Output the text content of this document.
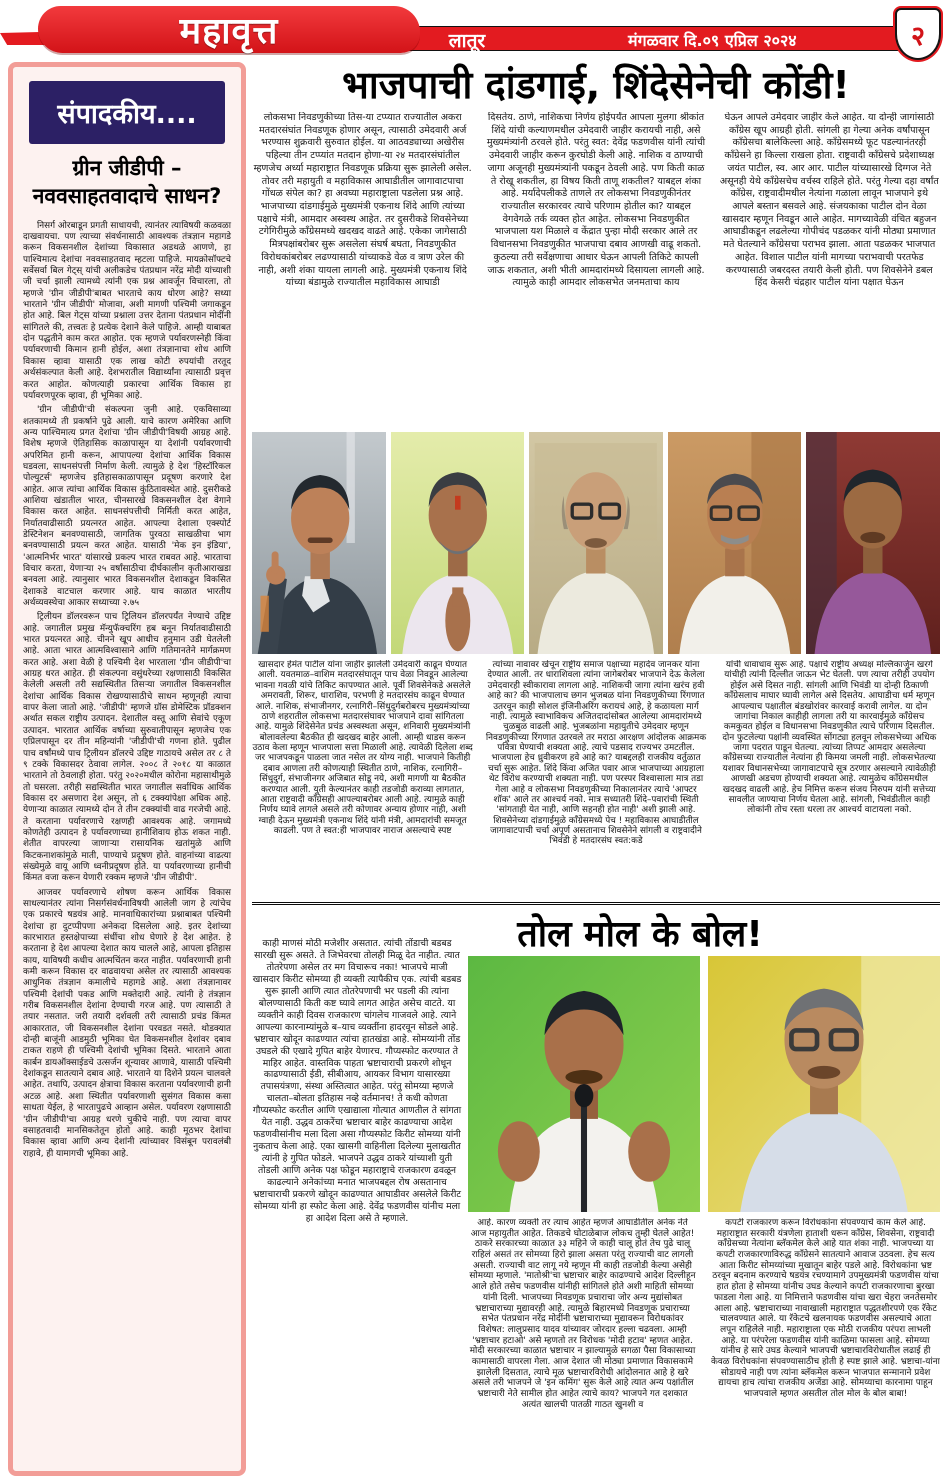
महावृत्त	लातूर	मंगळवार दि.०९ एप्रिल २०२४	२
संपादकीय....
ग्रीन जीडीपी –
नववसाहतवादाचे साधन?

निसर्ग ओरबाडून प्रगती साधायची, त्यानंतर त्याविषयी कळवळा दाखवायचा. पण त्याच्या संवर्धनासाठी आवश्यक तंत्रज्ञान महागडे करून विकसनशील देशांच्या विकासात अडथळे आणणे, हा पाश्चिमात्य देशांचा नववसाहतवाद म्हटला पाहिजे. मायक्रोसॉफ्टचे सर्वेसर्वा बिल गेट्स् यांची अलीकडेच पंतप्रधान नरेंद्र मोदी यांच्याशी जी चर्चा झाली त्यामध्ये त्यांनी एक प्रश्न आवर्जून विचारला, तो म्हणजे 'ग्रीन जीडीपी'बाबत भारताचे काय धोरण आहे? सध्या भारताने 'ग्रीन जीडीपी' मोजावा, अशी मागणी पश्चिमी जगाकडून होत आहे. बिल गेट्स यांच्या प्रश्नाला उत्तर देताना पंतप्रधान मोदींनी सांगितले की, तत्त्वतः हे प्रत्येक देशाने केले पाहिजे. आम्ही याबाबत दोन पद्धतीने काम करत आहोत. एक म्हणजे पर्यावरणस्नेही किंवा पर्यावरणाची किमान हानी होईल, अशा तंत्रज्ञानाचा शोध आणि विकास व्हावा यासाठी एक लाख कोटी रुपयांची तरतूद अर्थसंकल्पात केली आहे. देशभरातील विद्यार्थ्यांना त्यासाठी प्रवृत्त करत आहोत. कोणत्याही प्रकारचा आर्थिक विकास हा पर्यावरणपूरक व्हावा, ही भूमिका आहे.

'ग्रीन जीडीपी'ची संकल्पना जुनी आहे. एकविसाव्या शतकामध्ये ती प्रकर्षाने पुढे आली. याचे कारण अमेरिका आणि अन्य पाश्चिमात्य प्रगत देशांचा 'ग्रीन जीडीपी'विषयी आग्रह आहे. विशेष म्हणजे ऐतिहासिक काळापासून या देशांनी पर्यावरणाची अपरिमित हानी करून, आपापल्या देशांचा आर्थिक विकास घडवला, साधनसंपत्ती निर्माण केली. त्यामुळे हे देश 'हिस्टॉरिकल पोल्युटर्स' म्हणजेच इतिहासकाळापासून प्रदूषण करणारे देश आहेत. आज त्यांचा आर्थिक विकास कुंठितावस्थेत आहे. दुसरीकडे आशिया खंडातील भारत, चीनसारखे विकसनशील देश वेगाने विकास करत आहेत. साधनसंपत्तीची निर्मिती करत आहेत, निर्यातवाढीसाठी प्रयत्नरत आहेत. आपल्या देशाला एक्स्पोर्ट डेस्टिनेशन बनवण्यासाठी, जागतिक पुरवठा साखळीचा भाग बनवण्यासाठी प्रयत्न करत आहेत. यासाठी 'मेक इन इंडिया', 'आत्मनिर्भर भारत' यांसारखे प्रकल्प भारत राबवत आहे. भारताचा विचार करता, येणाऱ्या २५ वर्षांसाठीचा दीर्घकालीन कृतीआराखडा बनवला आहे. त्यानुसार भारत विकसनशील देशाकडून विकसित देशाकडे वाटचाल करणार आहे. याच काळात भारतीय अर्थव्यवस्थेचा आकार सध्याच्या २.७५

ट्रिलीयन डॉलरवरून पाच ट्रिलियन डॉलरपर्यंत नेण्याचे उद्दिष्ट आहे. जगातील प्रमुख मॅन्युफॅक्चरिंग हब बनून निर्यातवाढीसाठी भारत प्रयत्नरत आहे. चीनने खूप आधीच हनुमान उडी घेतलेली आहे. आता भारत आत्मविश्वासाने आणि गतिमानतेने मार्गक्रमण करत आहे. अशा वेळी हे पश्चिमी देश भारताला 'ग्रीन जीडीपी'चा आग्रह धरत आहेत. ही संकल्पना वसुंधरेच्या रक्षणासाठी विकसित केलेली असली तरी सद्यस्थितीत तिसऱ्या जगातील विकसनशील देशांचा आर्थिक विकास रोखण्यासाठीचे साधन म्हणूनही त्याचा वापर केला जातो आहे. 'जीडीपी' म्हणजे ग्रॉस डोमेस्टिक प्रॉडक्शन अर्थात सकल राष्ट्रीय उत्पादन. देशातील वस्तू आणि सेवांचे एकूण उत्पादन. भारतात आर्थिक वर्षाच्या सुरुवातीपासून म्हणजेच एक एप्रिलपासून दर तीन महिन्यांनी 'जीडीपी'ची गणना होते. पुढील पाच वर्षांमध्ये पाच ट्रिलीयन डॉलरचे उद्दिष्ट गाठायचे असेल तर ८ ते ९ टक्के विकासदर ठेवावा लागेल. २००८ ते २०१८ या काळात भारताने तो ठेवलाही होता. परंतु २०२०मधील कोरोना महासाथीमुळे तो घसरला. तरीही सद्यस्थितीत भारत जगातील सर्वाधिक आर्थिक विकास दर असणारा देश असून, तो ६ टक्क्यांपेक्षा अधिक आहे. येणाऱ्या काळात त्यामध्ये दोन ते तीन टक्क्यांची वाढ गरजेची आहे. ते करताना पर्यावरणाचे रक्षणही आवश्यक आहे. जगामध्ये कोणतेही उत्पादन हे पर्यावरणाच्या हानीशिवाय होऊ शकत नाही. शेतीत वापरल्या जाणाऱ्या रासायनिक खतांमुळे आणि किटकनाशकांमुळे माती, पाण्याचे प्रदूषण होते. वाहनांच्या वाढत्या संख्येमुळे वायू आणि ध्वनीप्रदूषण होते. या पर्यावरणाच्या हानीची किंमत वजा करून येणारी रक्कम म्हणजे 'ग्रीन जीडीपी'.

आजवर पर्यावरणाचे शोषण करून आर्थिक विकास साधल्यानंतर त्यांना निसर्गसंवर्धनाविषयी आलेली जाग हे त्यांचेच एक प्रकारचे षडयंत्र आहे. मानवाधिकारांच्या प्रश्नाबाबत पश्चिमी देशांचा हा दुटप्पीपणा अनेकदा दिसलेला आहे. इतर देशांच्या कारभारात हस्तक्षेपाच्या संधींचा शोध घेणारे हे देश आहेत. हे करताना हे देश आपल्या देशात काय चालले आहे, आपला इतिहास काय, याविषयी कधीच आत्मचिंतन करत नाहीत. पर्यावरणाची हानी कमी करून विकास दर वाढवायचा असेल तर त्यासाठी आवश्यक आधुनिक तंत्रज्ञान कमालीचे महागडे आहे. अशा तंत्रज्ञानावर पश्चिमी देशांची पकड आणि मक्तेदारी आहे. त्यांनी हे तंत्रज्ञान गरीब विकसनशील देशांना देण्याची गरज आहे. पण त्यासाठी ते तयार नसतात. जरी तयारी दर्शवली तरी त्यासाठी प्रचंड किंमत आकारतात, जी विकसनशील देशांना परवडत नसते. थोडक्यात दोन्ही बाजूंनी आडमुठी भूमिका घेत विकसनशील देशांवर दबाव टाकत राहणे ही पश्चिमी देशांची भूमिका दिसते. भारताने आता कार्बन डायऑक्साईडचे उत्सर्जन शून्यावर आणावे, यासाठी पश्चिमी देशांकडून सातत्याने दबाव आहे. भारताने या दिशेने प्रयत्न चालवले आहेत. तथापि, उत्पादन क्षेत्राचा विकास करताना पर्यावरणाची हानी अटळ आहे. अशा स्थितीत पर्यावरणाशी सुसंगत विकास कसा साधता येईल, हे भारतापुढचे आव्हान असेल. पर्यावरण रक्षणासाठी 'ग्रीन जीडीपी'चा आग्रह धरणे चुकीचे नाही. पण त्याचा वापर वसाहतवादी मानसिकतेतून होतो आहे. काही मूठभर देशांचा विकास व्हावा आणि अन्य देशांनी त्यांच्यावर विसंबून परावलंबी राहावे, ही यामागची भूमिका आहे.

भाजपाची दांडगाई, शिंदेसेनेची कोंडी!
लोकसभा निवडणुकीच्या तिस-या टप्प्यात राज्यातील अकरा मतदारसंघांत निवडणूक होणार असून, त्यासाठी उमेदवारी अर्ज भरण्यास शुक्रवारी सुरुवात होईल. या आठवड्याच्या अखेरीस पहिल्या तीन टप्प्यांत मतदान होणा-या २४ मतदारसंघांतील म्हणजेच अर्ध्या महाराष्ट्रात निवडणूक प्रक्रिया सुरू झालेली असेल. तोवर तरी महायुती व महाविकास आघाडीतील जागावाटपाचा गोंधळ संपेल का? हा अवघ्या महाराष्ट्राला पडलेला प्रश्न आहे. भाजपाच्या दांडगाईमुळे मुख्यमंत्री एकनाथ शिंदे आणि त्यांच्या पक्षाचे मंत्री, आमदार अस्वस्थ आहेत. तर दुसरीकडे शिवसेनेच्या टगेगिरीमुळे काँग्रेसमध्ये खदखद वाढते आहे. एकेका जागेसाठी मित्रपक्षांबरोबर सुरू असलेला संघर्ष बघता, निवडणुकीत विरोधकांबरोबर लढण्यासाठी यांच्याकडे वेळ व त्राण उरेल की नाही, अशी शंका यायला लागली आहे. मुख्यमंत्री एकनाथ शिंदे यांच्या बंडामुळे राज्यातील महाविकास आघाडी
दिसतेय. ठाणे, नाशिकचा निर्णय होईपर्यंत आपला मुलगा श्रीकांत शिंदे यांची कल्याणमधील उमेदवारी जाहीर करायची नाही, असे मुख्यमंत्र्यांनी ठरवले होते. परंतु स्वत: देवेंद्र फडणवीस यांनी त्यांची उमेदवारी जाहीर करून कुरघोडी केली आहे. नाशिक व ठाण्याची जागा अजूनही मुख्यमंत्र्यांनी पकडून ठेवली आहे. पण किती काळ ते रोखू शकतील, हा विषय किती ताणू शकतील? याबद्दल शंका आहे. मर्यादेपलीकडे ताणले तर लोकसभा निवडणुकीनंतर राज्यातील सरकारवर त्याचे परिणाम होतील का? याबद्दल वेगवेगळे तर्क व्यक्त होत आहेत. लोकसभा निवडणुकीत भाजपाला यश मिळाले व केंद्रात पुन्हा मोदी सरकार आले तर विधानसभा निवडणुकीत भाजपाचा दबाव आणखी वाढू शकतो. कुठल्या तरी सर्वेक्षणाचा आधार घेऊन आपली तिकिटे कापली जाऊ शकतात, अशी भीती आमदारांमध्ये दिसायला लागली आहे. त्यामुळे काही आमदार लोकसभेत जनमताचा काय
घेऊन आपले उमेदवार जाहीर केले आहेत. या दोन्ही जागांसाठी काँग्रेस खूप आग्रही होती. सांगली हा गेल्या अनेक वर्षांपासून काँग्रेसचा बालेकिल्ला आहे. काँग्रेसमध्ये फूट पडल्यानंतरही काँग्रेसने हा किल्ला राखला होता. राष्ट्रवादी काँग्रेसचे प्रदेशाध्यक्ष जयंत पाटील, स्व. आर आर. पाटील यांच्यासारखे दिग्गज नेते असूनही येथे काँग्रेसचेच वर्चस्व राहिले होते. परंतु गेल्या दहा वर्षांत काँग्रेस, राष्ट्रवादीमधील नेत्यांना गळाला लावून भाजपाने इथे आपले बस्तान बसवले आहे. संजयकाका पाटील दोन वेळा खासदार म्हणून निवडून आले आहेत. मागच्यावेळी वंचित बहुजन आघाडीकडून लढलेल्या गोपीचंद पडळकर यांनी मोठ्या प्रमाणात मते घेतल्याने काँग्रेसचा पराभव झाला. आता पडळकर भाजपात आहेत. विशाल पाटील यांनी मागच्या पराभवाची परतफेड करण्यासाठी जबरदस्त तयारी केली होती. पण शिवसेनेने डबल हिंद केसरी चंद्रहार पाटील यांना पक्षात घेऊन
खासदार हेमंत पाटील यांना जाहीर झालेली उमेदवारी काढून घेण्यात आली. यवतमाळ–वाशिम मतदारसंघातून पाच वेळा निवडून आलेल्या भावना गवळी यांचे तिकिट कापण्यात आले. पूर्वी शिवसेनेकडे असलेले अमरावती, शिरूर, धाराशिव, परभणी हे मतदारसंघ काढून घेण्यात आले. नाशिक, संभाजीनगर, रत्नागिरी–सिंधुदुर्गबरोबरच मुख्यमंत्र्यांच्या ठाणे शहरातील लोकसभा मतदारसंघावर भाजपाने दावा सांगितला आहे. यामुळे शिंदेसेनेत प्रचंड अस्वस्थता असून, शनिवारी मुख्यमंत्र्यांनी बोलावलेल्या बैठकीत ही खदखद बाहेर आली. आम्ही धाडस करून उठाव केला म्हणून भाजपाला सत्ता मिळाली आहे. त्यावेळी दिलेला शब्द जर भाजपकडून पाळला जात नसेल तर योग्य नाही. भाजपाने कितीही दबाव आणला तरी कोणत्याही स्थितीत ठाणे, नाशिक, रत्नागिरी–सिंधुदुर्ग, संभाजीनगर अजिबात सोडू नये, अशी मागणी या बैठकीत करण्यात आली. युती केल्यानंतर काही तडजोडी कराव्या लागतात, आता राष्ट्रवादी काँग्रेसही आपल्याबरोबर आली आहे. त्यामुळे काही निर्णय घ्यावे लागले असले तरी कोणावर अन्याय होणार नाही, अशी ग्वाही देऊन मुख्यमंत्री एकनाथ शिंदे यांनी मंत्री, आमदारांची समजूत काढली. पण ते स्वत:ही भाजपावर नाराज असल्याचे स्पष्ट
त्यांच्या नावावर खेचून राष्ट्रीय समाज पक्षाच्या महादेव जानकर यांना देण्यात आली. तर धाराशिवला त्यांना जागेबरोबर भाजपाने देऊ केलेला उमेदवारही स्वीकारावा लागला आहे. नाशिकची जागा त्यांना खरंच हवी आहे का? की भाजपालाच छगन भुजबळ यांना निवडणुकीच्या रिंगणात उतरवून काही सोशल इंजिनीअरिंग करायचं आहे, हे कळायला मार्ग नाही. त्यामुळे स्वाभाविकच अजितदादांसोबत आलेल्या आमदारांमध्ये चुळबुळ वाढली आहे. भुजबळांना महायुतीचे उमेदवार म्हणून निवडणुकीच्या रिंगणात उतरवले तर मराठा आरक्षण आंदोलक आक्रमक पवित्रा घेण्याची शक्यता आहे. त्याचे पडसाद राज्यभर उमटतील. भाजपाला हेच ध्रुवीकरण हवे आहे का? याबद्दलही राजकीय वर्तुळात चर्चा सुरू आहेत. शिंदे किंवा अजित पवार आज भाजपाच्या आग्रहाला थेट विरोध करण्याची शक्यता नाही. पण परस्पर विश्वासाला मात्र तडा गेला आहे व लोकसभा निवडणुकीच्या निकालानंतर त्याचे 'आफ्टर शॉक' आले तर आश्चर्य नको. मात्र सध्यातरी शिंदे–पवारांची स्थिती 'सांगताही येत नाही, आणि सहनही होत नाही' अशी झाली आहे. शिवसेनेच्या दांडगाईमुळे काँग्रेसमध्ये पेच ! महाविकास आघाडीतील जागावाटपाची चर्चा अपूर्ण असतानाच शिवसेनेने सांगली व राष्ट्रवादीने भिवंडी हे मतदारसंघ स्वत:कडे
यांची धावाधाव सुरू आहे. पक्षाचे राष्ट्रीय अध्यक्ष मल्लिकार्जुन खरगे यांचीही त्यांनी दिल्लीत जाऊन भेट घेतली. पण त्याचा तरीही उपयोग होईल असे दिसत नाही. सांगली आणि भिवंडी या दोन्ही ठिकाणी काँग्रेसलाच माघार घ्यावी लागेल असे दिसतेय. आघाडीचा धर्म म्हणून आपल्याच पक्षातील बंडखोरांवर कारवाई करावी लागेल. या दोन जागांचा निकाल काहीही लागला तरी या कारवाईमुळे काँग्रेसच कमकुवत होईल व विधानसभा निवडणुकीत त्याचे परिणाम दिसतील. दोन फुटलेल्या पक्षांनी व्यवस्थित सोंगट्या हलवून लोकसभेच्या अधिक जागा पदरात पाडून घेतल्या. त्यांच्या तिप्पट आमदार असलेल्या काँग्रेसच्या राज्यातील नेत्यांना ही किमया जमली नाही. लोकसभेतल्या यशावर विधानसभेच्या जागावाटपाचे सूत्र ठरणार असल्याने त्यावेळीही आणखी अडचण होण्याची शक्यता आहे. त्यामुळेच काँग्रेसमधील खदखद वाढली आहे. हेच निमित्त करून संजय निरुपम यांनी सत्तेच्या सावलीत जाण्याचा निर्णय घेतला आहे. सांगली, भिवंडीतील काही लोकांनी तोच रस्ता धरला तर आश्चर्य वाटायला नको.
तोल मोल के बोल!
काही माणसं मोठी मजेशीर असतात. त्यांची तोंडाची बडबड सारखी सुरू असते. ते जिभेवरचा तोलही मिळू देत नाहीत. त्यात तोतरेपणा असेल तर मग विचारूच नका! भाजपचे माजी खासदार किरीट सोमय्या ही व्यक्ती त्यापैकीच एक. त्यांची बडबड सुरू झाली आणि त्यात तोतरेपणाची भर पडली की त्यांना बोलण्यासाठी किती कष्ट घ्यावे लागत आहेत असेच वाटते. या व्यक्तीने काही दिवस राजकारण चांगलेच गाजवले आहे. त्याने आपल्या कारनाम्यांमुळे ब–याच व्यक्तींना हादरवून सोडले आहे. भ्रष्टाचार खोदून काढण्यात त्यांचा हातखंडा आहे. सोमय्यांनी तोंड उघडले की एखादे गुपित बाहेर येणारच. गौप्यस्फोट करण्यात ते माहिर आहेत. वास्तविक पाहता भ्रष्टाचाराची प्रकरणे शोधून काढण्यासाठी ईडी, सीबीआय, आयकर विभाग यासारख्या तपासयंत्रणा, संस्था अस्तित्वात आहेत. परंतु सोमय्या म्हणजे चालता–बोलता इतिहास नव्हे वर्तमानच! ते कधी कोणता गौप्यस्फोट करतील आणि एखाद्याला गोत्यात आणतील ते सांगता येत नाही. उद्धव ठाकरेंचा भ्रष्टाचार बाहेर काढण्याचा आदेश फडणवीसांनीच मला दिला असा गौप्यस्फोट किरीट सोमय्या यांनी नुकताच केला आहे. एका खासगी वाहिनीला दिलेल्या मुलाखतीत त्यांनी हे गुपित फोडले. भाजपने उद्धव ठाकरे यांच्याशी युती तोडली आणि अनेक पक्ष फोडून महाराष्ट्राचे राजकारण ढवळून काढल्याने अनेकांच्या मनात भाजपबद्दल रोष असतानाच भ्रष्टाचाराची प्रकरणे खोदून काढण्यात आघाडीवर असलेले किरीट सोमय्या यांनी हा स्फोट केला आहे. देवेंद्र फडणवीस यांनीच मला हा आदेश दिला असे ते म्हणाले.	आहे. कारण व्यक्ती तर त्याच आहेत म्हणजे आघाडीतील अनेक नेते आज महायुतीत आहेत. तिकडचे घोटाळेबाज लोकच तुम्ही घेतले आहेत! ठाकरे सरकारच्या काळात ३३ महिने जे काही चालू होतं तेच पुढे चालू राहिलं असतं तर सोमय्या हिरो झाला असता परंतु राज्याची वाट लागली असती. राज्याची वाट लागू नये म्हणून मी काही तडजोडी केल्या असेही सोमय्या म्हणाले. 'मातोश्री'चा भ्रष्टाचार बाहेर काढण्याचे आदेश दिल्लीहून आले होते तसेच फडणवीस यांनीही सांगितले होते अशी माहिती सोमय्या यांनी दिली. भाजपच्या निवडणूक प्रचाराचा जोर अन्य मुद्यांसोबत भ्रष्टाचाराच्या मुद्यावरही आहे. त्यामुळे बिहारमध्ये निवडणूक प्रचाराच्या सभेत पंतप्रधान नरेंद्र मोदींनी भ्रष्टाचाराच्या मुद्यावरून विरोधकांवर विशेषत: लालुप्रसाद यादव यांच्यावर जोरदार हल्ला चढवला. आम्ही 'भ्रष्टाचार हटाओ' असे म्हणतो तर विरोधक 'मोदी हटाव' म्हणत आहेत. मोदी सरकारच्या काळात भ्रष्टाचार न झाल्यामुळे सगळा पैसा विकासाच्या कामासाठी वापरला गेला. आज देशात जी मोठ्या प्रमाणात विकासकामे झालेली दिसतात, त्याचे मूळ भ्रष्टाचारविरोधी आंदोलनात आहे हे खरे असले तरी भाजपने जे 'इन कमिंग' सुरू केले आहे त्यात अन्य पक्षांतील भ्रष्टाचारी नेते सामील होत आहेत त्याचे काय? भाजपने गत दशकात अत्यंत खालची पातळी गाठत खुनशी व
कपटी राजकारण करून विरोधकांना संपवण्याचे काम केले आहे. महाराष्ट्रात सरकारी यंत्रणेला हाताशी धरून काँग्रेस, शिवसेना, राष्ट्रवादी काँग्रेसच्या नेत्यांना ब्लॅकमेल केले आहे यात शंका नाही. भाजपच्या या कपटी राजकारणाविरुद्ध काँग्रेसने सातत्याने आवाज उठवला. हेच सत्य आता किरीट सोमय्यांच्या मुखातून बाहेर पडले आहे. विरोधकांना भ्रष्ट ठरवून बदनाम करण्याचे षडयंत्र रचण्यामागे उपमुख्यमंत्री फडणवीस यांचा हात होता हे सोमय्या यांनीच उघड केल्याने कपटी राजकारणाचा बुरखा फाडला गेला आहे. या निमित्ताने फडणवीस यांचा खरा चेहरा जनतेसमोर आला आहे. भ्रष्टाचाराच्या नावाखाली महाराष्ट्रात पद्धतशीरपणे एक रॅकेट चालवण्यात आले. या रॅकेटचे खलनायक फडणवीस असल्याचे आता लपून राहिलेले नाही. महाराष्ट्राला एक मोठी राजकीय परंपरा लाभली आहे. या परंपरेला फडणवीस यांनी काळिमा फासला आहे. सोमय्या यांनीच हे सारे उघड केल्याने भाजपची भ्रष्टाचारविरोधातील लढाई ही केवळ विरोधकांना संपवण्यासाठीच होती हे स्पष्ट झाले आहे. भ्रष्टाचा-यांना सोडायचे नाही पण त्यांना ब्लॅकमेल करून भाजपात सन्मानाने प्रवेश द्यायचा हाच त्यांचा राजकीय अजेंडा आहे. सोमय्याचा कारनामा पाहून भाजपवाले म्हणत असतील तोल मोल के बोल बाबा!
